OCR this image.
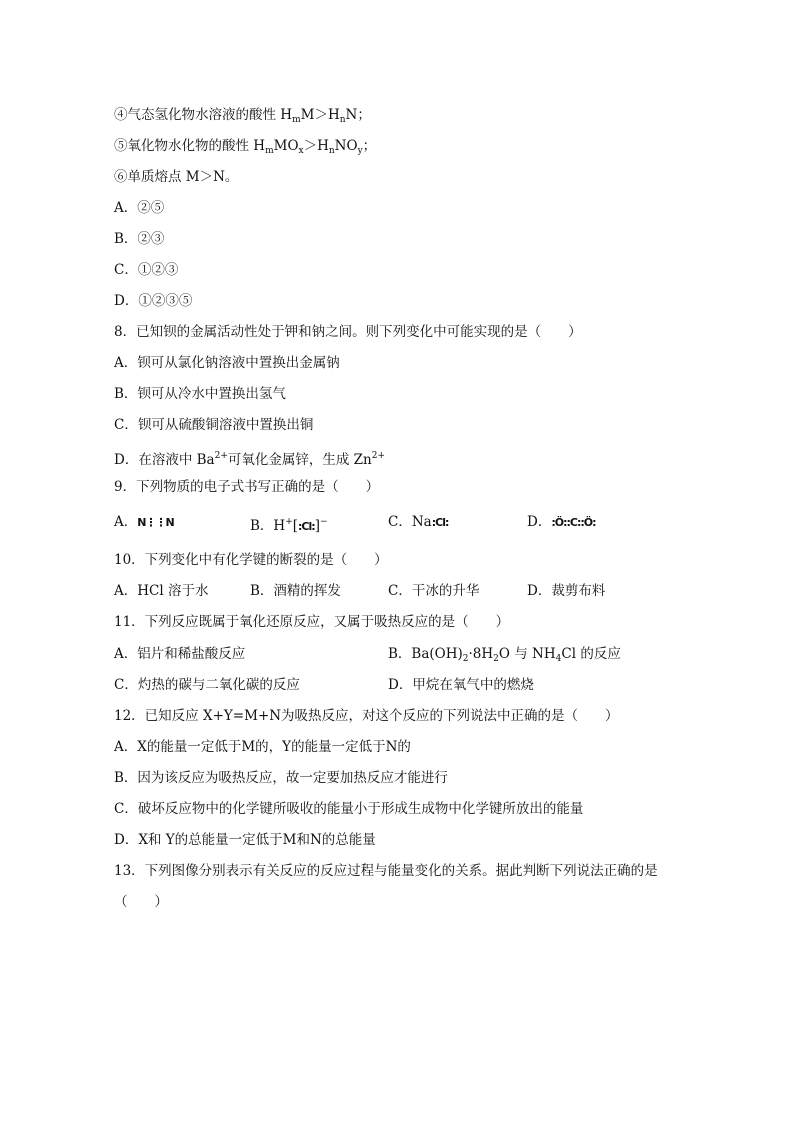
④气态氢化物水溶液的酸性 $H_mM>H_nN$；
⑤氧化物水化物的酸性 $H_mMO_x>H_nNO_y$；
⑥单质熔点 M＞N。
A．②⑤
B．②③
C．①②③
D．①②③⑤
8．已知钡的金属活动性处于钾和钠之间。则下列变化中可能实现的是（　　）
A．钡可从氯化钠溶液中置换出金属钠
B．钡可从冷水中置换出氢气
C．钡可从硫酸铜溶液中置换出铜
D．在溶液中 $Ba^{2+}$可氧化金属锌，生成 $Zn^{2+}$
9．下列物质的电子式书写正确的是（　　）
A．N⋮⋮N	B．H+[:Cl:]−	C．Na:Cl:	D．:Ö::C::Ö:
10．下列变化中有化学键的断裂的是（　　）
A．HCl 溶于水	B．酒精的挥发	C．干冰的升华	D．裁剪布料
11．下列反应既属于氧化还原反应，又属于吸热反应的是（　　）
A．铝片和稀盐酸反应	B．$Ba(OH)_2\cdot 8H_2O$ 与 $NH_4Cl$ 的反应
C．灼热的碳与二氧化碳的反应	D．甲烷在氧气中的燃烧
12．已知反应 X+Y=M+N为吸热反应，对这个反应的下列说法中正确的是（　　）
A．X的能量一定低于M的，Y的能量一定低于N的
B．因为该反应为吸热反应，故一定要加热反应才能进行
C．破坏反应物中的化学键所吸收的能量小于形成生成物中化学键所放出的能量
D．X和 Y的总能量一定低于M和N的总能量
13．下列图像分别表示有关反应的反应过程与能量变化的关系。据此判断下列说法正确的是
（　　）
